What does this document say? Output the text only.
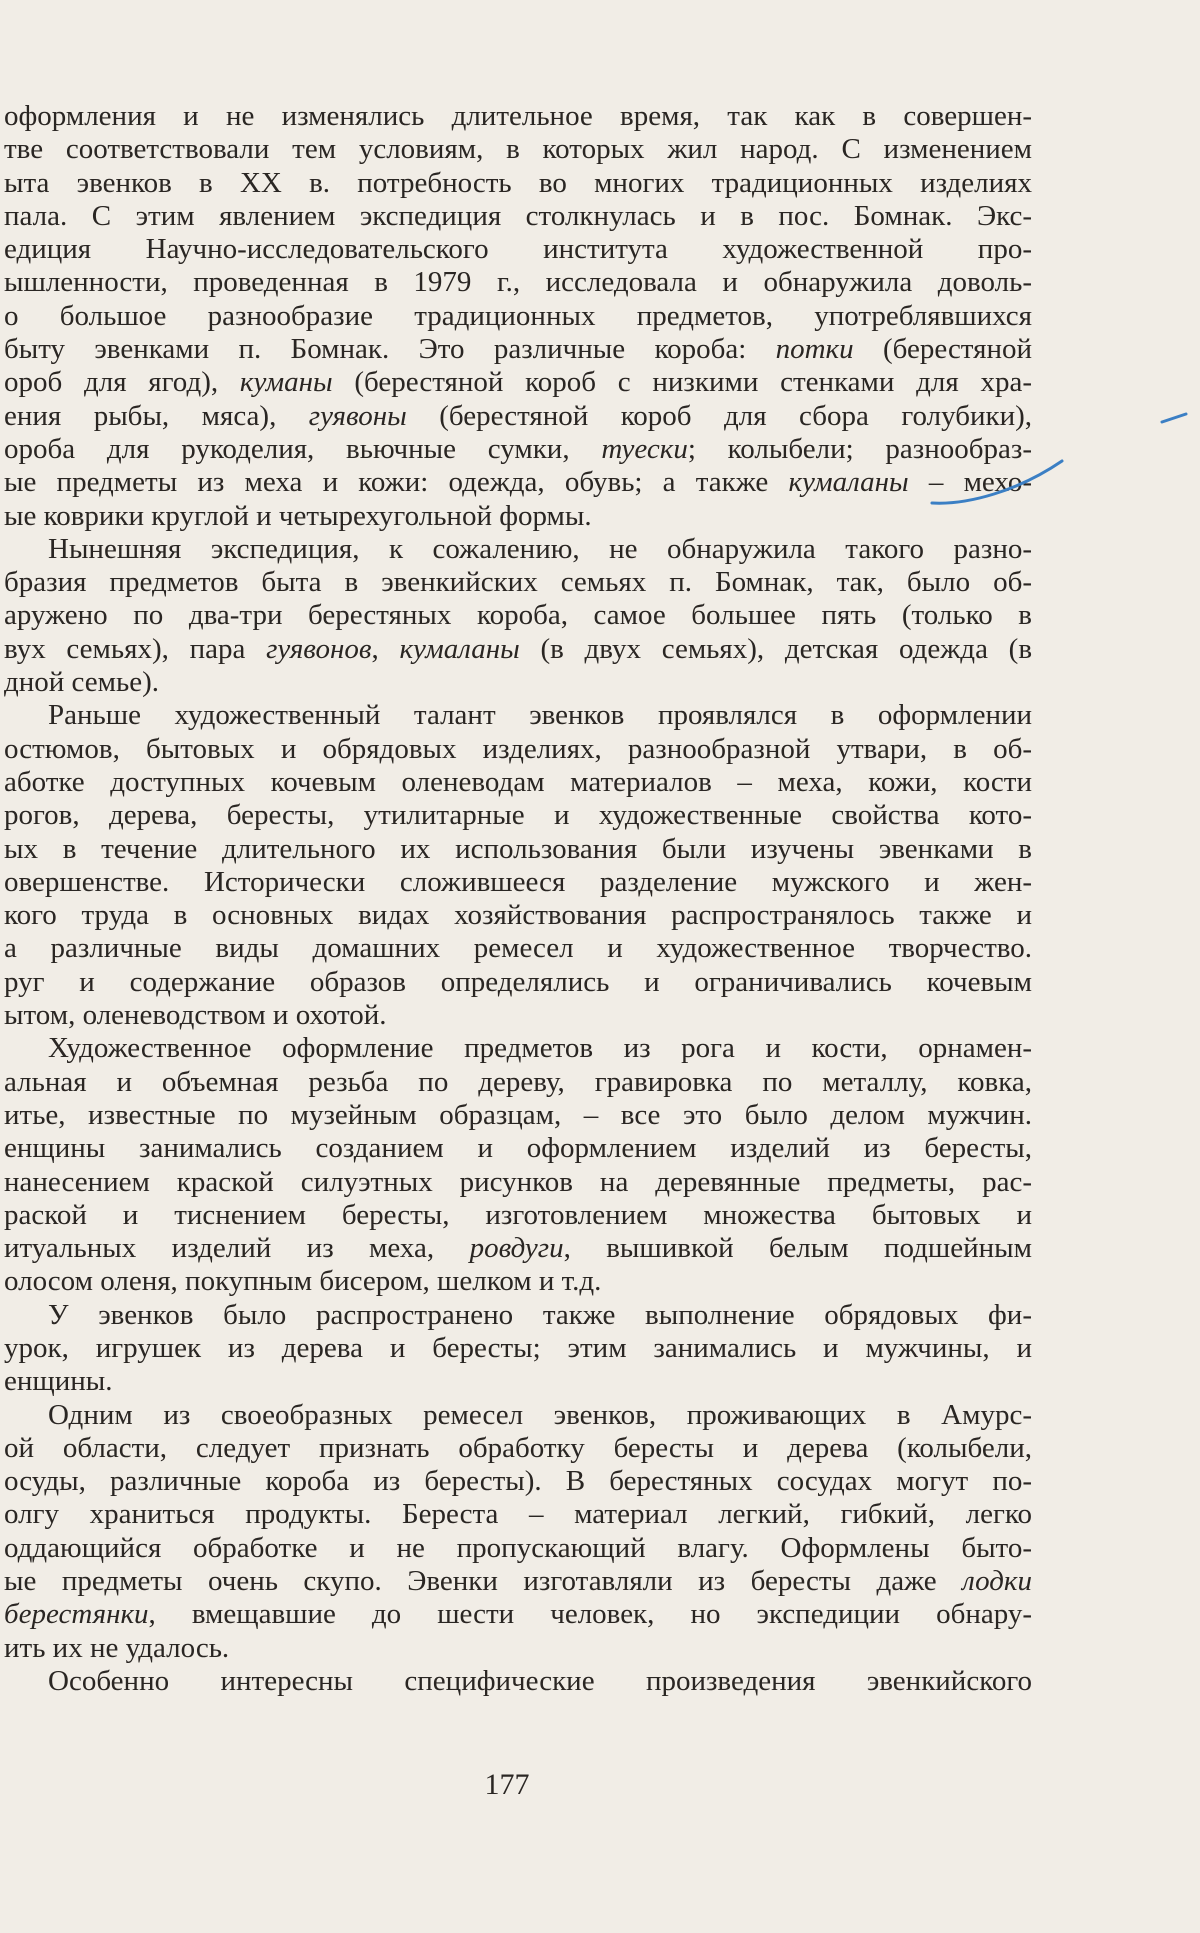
оформления и не изменялись длительное время, так как в совершен-
тве соответствовали тем условиям, в которых жил народ. С изменением
ыта эвенков в XX в. потребность во многих традиционных изделиях
пала. С этим явлением экспедиция столкнулась и в пос. Бомнак. Экс-
едиция Научно-исследовательского института художественной про-
ышленности, проведенная в 1979 г., исследовала и обнаружила доволь-
о большое разнообразие традиционных предметов, употреблявшихся
быту эвенками п. Бомнак. Это различные короба: потки (берестяной
ороб для ягод), куманы (берестяной короб с низкими стенками для хра-
ения рыбы, мяса), гуявоны (берестяной короб для сбора голубики),
ороба для рукоделия, вьючные сумки, туески; колыбели; разнообраз-
ые предметы из меха и кожи: одежда, обувь; а также кумаланы – мехо-
ые коврики круглой и четырехугольной формы.
Нынешняя экспедиция, к сожалению, не обнаружила такого разно-
бразия предметов быта в эвенкийских семьях п. Бомнак, так, было об-
аружено по два-три берестяных короба, самое большее пять (только в
вух семьях), пара гуявонов, кумаланы (в двух семьях), детская одежда (в
дной семье).
Раньше художественный талант эвенков проявлялся в оформлении
остюмов, бытовых и обрядовых изделиях, разнообразной утвари, в об-
аботке доступных кочевым оленеводам материалов – меха, кожи, кости
рогов, дерева, бересты, утилитарные и художественные свойства кото-
ых в течение длительного их использования были изучены эвенками в
овершенстве. Исторически сложившееся разделение мужского и жен-
кого труда в основных видах хозяйствования распространялось также и
а различные виды домашних ремесел и художественное творчество.
руг и содержание образов определялись и ограничивались кочевым
ытом, оленеводством и охотой.
Художественное оформление предметов из рога и кости, орнамен-
альная и объемная резьба по дереву, гравировка по металлу, ковка,
итье, известные по музейным образцам, – все это было делом мужчин.
енщины занимались созданием и оформлением изделий из бересты,
нанесением краской силуэтных рисунков на деревянные предметы, рас-
раской и тиснением бересты, изготовлением множества бытовых и
итуальных изделий из меха, ровдуги, вышивкой белым подшейным
олосом оленя, покупным бисером, шелком и т.д.
У эвенков было распространено также выполнение обрядовых фи-
урок, игрушек из дерева и бересты; этим занимались и мужчины, и
енщины.
Одним из своеобразных ремесел эвенков, проживающих в Амурс-
ой области, следует признать обработку бересты и дерева (колыбели,
осуды, различные короба из бересты). В берестяных сосудах могут по-
олгу храниться продукты. Береста – материал легкий, гибкий, легко
оддающийся обработке и не пропускающий влагу. Оформлены быто-
ые предметы очень скупо. Эвенки изготавляли из бересты даже лодки
берестянки, вмещавшие до шести человек, но экспедиции обнару-
ить их не удалось.
Особенно интересны специфические произведения эвенкийского
177
